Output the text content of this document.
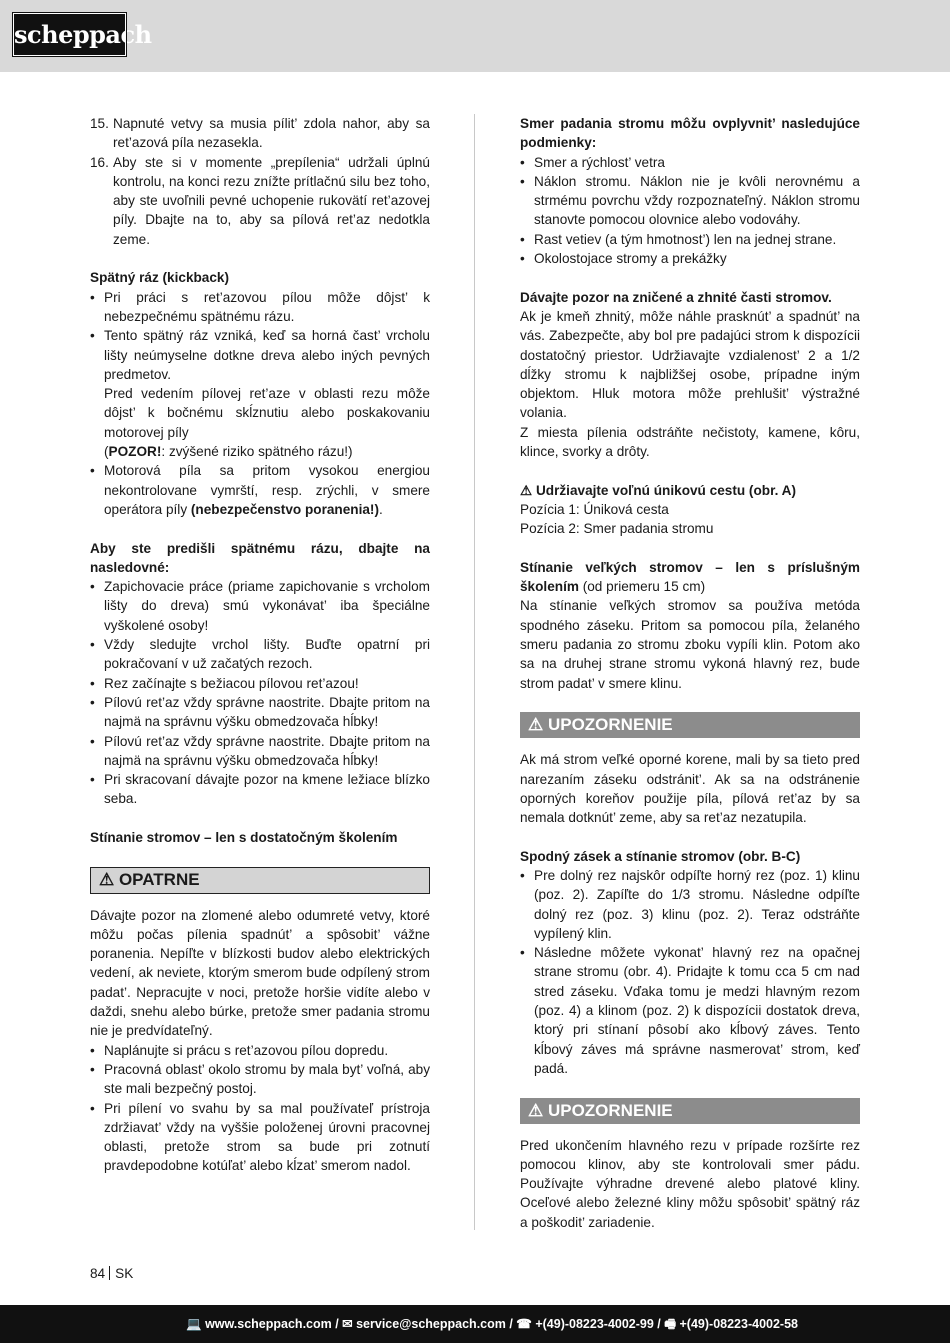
scheppach
15. Napnuté vetvy sa musia pílit’ zdola nahor, aby sa ret’azová píla nezasekla.
16. Aby ste si v momente „prepílenia“ udržali úplnú kontrolu, na konci rezu znížte prítlačnú silu bez toho, aby ste uvoľnili pevné uchopenie rukovätí ret’azovej píly. Dbajte na to, aby sa pílová ret’az nedotkla zeme.
Spätný ráz (kickback)
• Pri práci s ret’azovou pílou môže dôjst’ k nebezpečnému spätnému rázu.
• Tento spätný ráz vzniká, keď sa horná čast’ vrcholu lišty neúmyselne dotkne dreva alebo iných pevných predmetov.
Pred vedením pílovej ret’aze v oblasti rezu môže dôjst’ k bočnému skĺznutiu alebo poskakovaniu motorovej píly
(POZOR!: zvýšené riziko spätného rázu!)
• Motorová píla sa pritom vysokou energiou nekontrolovane vymrští, resp. zrýchli, v smere operátora píly (nebezpečenstvo poranenia!).
Aby ste predišli spätnému rázu, dbajte na nasledovné:
• Zapichovacie práce (priame zapichovanie s vrcholom lišty do dreva) smú vykonávat’ iba špeciálne vyškolené osoby!
• Vždy sledujte vrchol lišty. Buďte opatrní pri pokračovaní v už začatých rezoch.
• Rez začínajte s bežiacou pílovou ret’azou!
• Pílovú ret’az vždy správne naostrite. Dbajte pritom na najmä na správnu výšku obmedzovača hĺbky!
• Pílovú ret’az vždy správne naostrite. Dbajte pritom na najmä na správnu výšku obmedzovača hĺbky!
• Pri skracovaní dávajte pozor na kmene ležiace blízko seba.
Stínanie stromov – len s dostatočným školením
⚠ OPATRNE
Dávajte pozor na zlomené alebo odumreté vetvy, ktoré môžu počas pílenia spadnút’ a spôsobit’ vážne poranenia. Nepíľte v blízkosti budov alebo elektrických vedení, ak neviete, ktorým smerom bude odpílený strom padat’. Nepracujte v noci, pretože horšie vidíte alebo v daždi, snehu alebo búrke, pretože smer padania stromu nie je predvídateľný.
• Naplánujte si prácu s ret’azovou pílou dopredu.
• Pracovná oblast’ okolo stromu by mala byt’ voľná, aby ste mali bezpečný postoj.
• Pri pílení vo svahu by sa mal používateľ prístroja zdržiavat’ vždy na vyššie položenej úrovni pracovnej oblasti, pretože strom sa bude pri zotnutí pravdepodobne kotúľat’ alebo kĺzat’ smerom nadol.
Smer padania stromu môžu ovplyvnit’ nasledujúce podmienky:
• Smer a rýchlost’ vetra
• Náklon stromu. Náklon nie je kvôli nerovnému a strmému povrchu vždy rozpoznateľný. Náklon stromu stanovte pomocou olovnice alebo vodováhy.
• Rast vetiev (a tým hmotnost’) len na jednej strane.
• Okolostojace stromy a prekážky
Dávajte pozor na zničené a zhnité časti stromov.
Ak je kmeň zhnitý, môže náhle prasknút’ a spadnút’ na vás. Zabezpečte, aby bol pre padajúci strom k dispozícii dostatočný priestor. Udržiavajte vzdialenost’ 2 a 1/2 dĺžky stromu k najbližšej osobe, prípadne iným objektom. Hluk motora môže prehlušit’ výstražné volania.
Z miesta pílenia odstráňte nečistoty, kamene, kôru, klince, svorky a drôty.
⚠ Udržiavajte voľnú únikovú cestu (obr. A)
Pozícia 1: Úniková cesta
Pozícia 2: Smer padania stromu
Stínanie veľkých stromov – len s príslušným školením (od priemeru 15 cm)
Na stínanie veľkých stromov sa používa metóda spodného záseku. Pritom sa pomocou píla, želaného smeru padania zo stromu zboku vypíli klin. Potom ako sa na druhej strane stromu vykoná hlavný rez, bude strom padat’ v smere klinu.
⚠ UPOZORNENIE
Ak má strom veľké oporné korene, mali by sa tieto pred narezaním záseku odstránit’. Ak sa na odstránenie oporných koreňov použije píla, pílová ret’az by sa nemala dotknút’ zeme, aby sa ret’az nezatupila.
Spodný zásek a stínanie stromov (obr. B-C)
• Pre dolný rez najskôr odpíľte horný rez (poz. 1) klinu (poz. 2). Zapíľte do 1/3 stromu. Následne odpíľte dolný rez (poz. 3) klinu (poz. 2). Teraz odstráňte vypílený klin.
• Následne môžete vykonat’ hlavný rez na opačnej strane stromu (obr. 4). Pridajte k tomu cca 5 cm nad stred záseku. Vďaka tomu je medzi hlavným rezom (poz. 4) a klinom (poz. 2) k dispozícii dostatok dreva, ktorý pri stínaní pôsobí ako kĺbový záves. Tento kĺbový záves má správne nasmerovat’ strom, keď padá.
⚠ UPOZORNENIE
Pred ukončením hlavného rezu v prípade rozšírte rez pomocou klinov, aby ste kontrolovali smer pádu. Používajte výhradne drevené alebo platové kliny. Oceľové alebo železné kliny môžu spôsobit’ spätný ráz a poškodit’ zariadenie.
84 SK
💻 www.scheppach.com / ✉ service@scheppach.com / ☎ +(49)-08223-4002-99 / 🖷 +(49)-08223-4002-58
